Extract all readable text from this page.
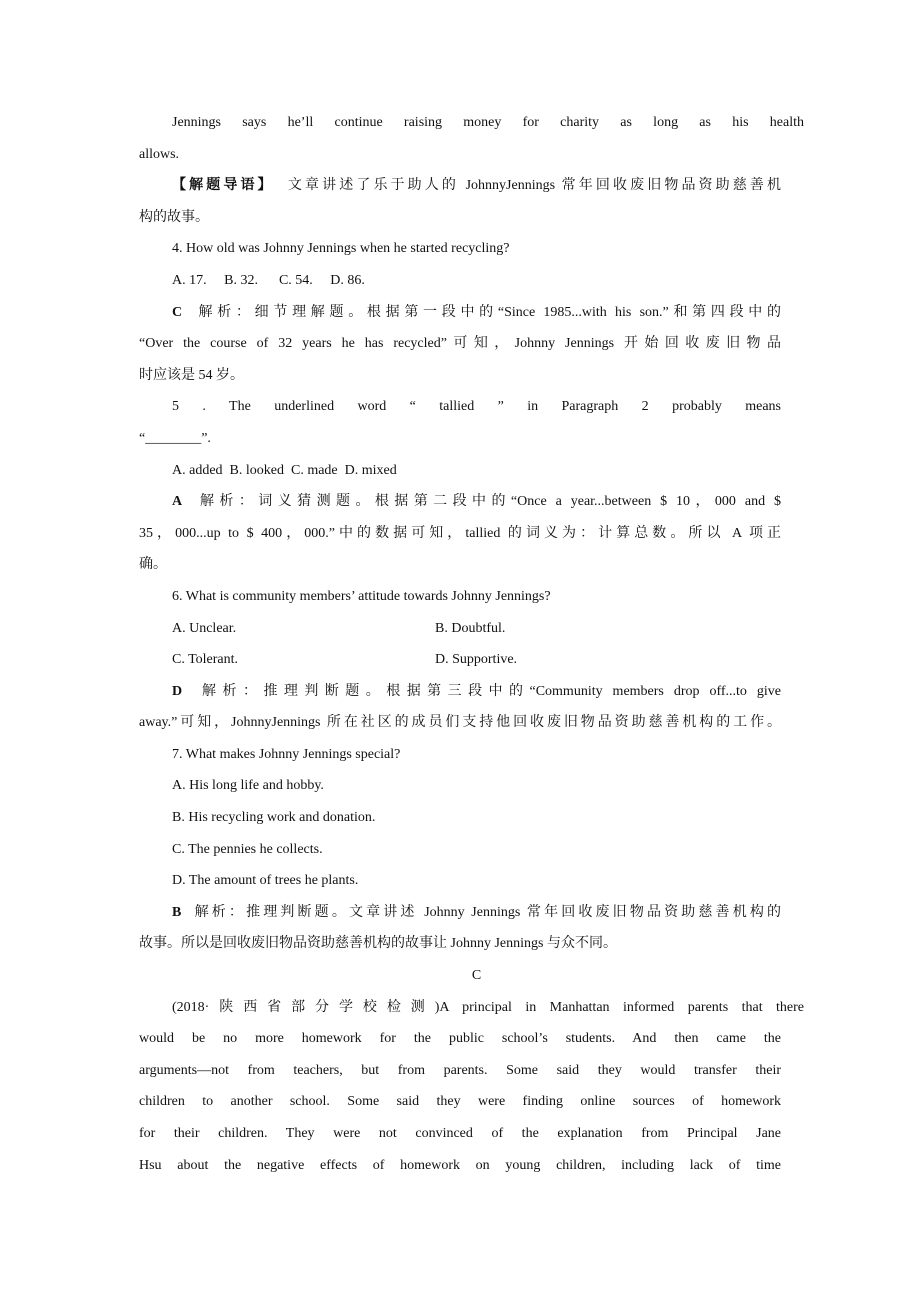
Jennings says he’ll continue raising money for charity as long as his health
allows.
【解题导语】  文章讲述了乐于助人的 JohnnyJennings 常年回收废旧物品资助慈善机
构的故事。
4. How old was Johnny Jennings when he started recycling?
A. 17.     B. 32.      C. 54.     D. 86.
C  解析：细节理解题。根据第一段中的“Since 1985...with his son.”和第四段中的
“Over the course of 32 years he has recycled”可知，Johnny Jennings 开始回收废旧物品
时应该是 54 岁。
5 . The underlined word “ tallied ” in Paragraph 2 probably means
“________”.
A. added  B. looked  C. made  D. mixed
A  解析：词义猜测题。根据第二段中的“Once a year...between $ 10，000 and $
35，000...up to $ 400，000.”中的数据可知，tallied 的词义为：计算总数。所以 A 项正
确。
6. What is community members’ attitude towards Johnny Jennings?
A. Unclear.	B. Doubtful.
C. Tolerant.	D. Supportive.
D  解析：推理判断题。根据第三段中的“Community members drop off...to give
away.”可知，JohnnyJennings 所在社区的成员们支持他回收废旧物品资助慈善机构的工作。
7. What makes Johnny Jennings special?
A. His long life and hobby.
B. His recycling work and donation.
C. The pennies he collects.
D. The amount of trees he plants.
B  解析：推理判断题。文章讲述 Johnny Jennings 常年回收废旧物品资助慈善机构的
故事。所以是回收废旧物品资助慈善机构的故事让 Johnny Jennings 与众不同。
C
(2018·陕西省部分学校检测)A principal in Manhattan informed parents that there
would be no more homework for the public school’s students. And then came the
arguments—not from teachers, but from parents. Some said they would transfer their
children to another school. Some said they were finding online sources of homework
for their children. They were not convinced of the explanation from Principal Jane
Hsu about the negative effects of homework on young children, including lack of time
